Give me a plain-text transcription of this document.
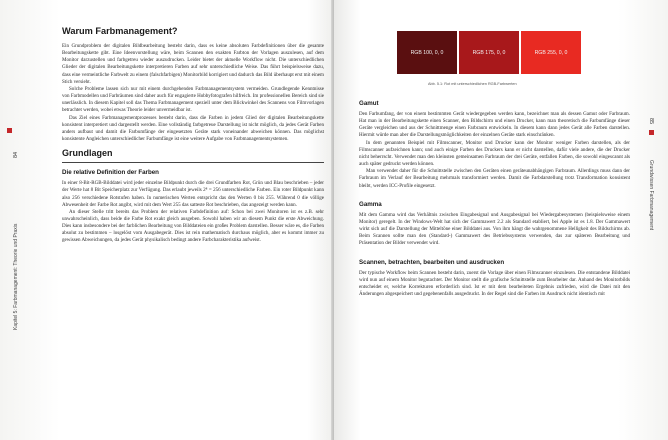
84
Kapitel 5: Farbmanagement: Theorie und Praxis
Warum Farbmanagement?

Ein Grundproblem der digitalen Bildbearbeitung besteht darin, dass es keine absoluten Farbdefinitionen über die gesamte Bearbeitungskette gibt. Eine Ideenvorstellung wäre, beim Scannen den exakten Farbton der Vorlagen auszulesen, auf dem Monitor darzustellen und farbgetreu wieder auszudrucken. Leider bietet der aktuelle Workflow nicht. Die unterschiedlichen Glieder der digitalen Bearbeitungskette interpretieren Farben auf sehr unterschiedliche Weise. Das führt beispielsweise dazu, dass eine vermeintliche Farbwelt zu einem (falschfarbigen) Monitorbild korrigiert und dadurch das Bild überhaupt erst mit einem Stich versieht.

Solche Probleme lassen sich nur mit einem durchgehenden Farbmanagementsystem vermeiden. Grundlegende Kenntnisse von Farbmodellen und Farbräumen sind daher auch für engagierte Hobbyfotografen hilfreich. Im professionellen Bereich sind sie unerlässlich. In diesem Kapitel soll das Thema Farbmanagement speziell unter dem Blickwinkel des Scannens von Filmvorlagen betrachtet werden, wobei etwas Theorie leider unvermeidbar ist.

Das Ziel eines Farbmanagementprozesses besteht darin, dass die Farben in jedem Glied der digitalen Bearbeitungskette konsistent interpretiert und dargestellt werden. Eine vollständig farbgetreue Darstellung ist nicht möglich, da jedes Gerät Farben anders aufbaut und damit die Farbumfänge der eingesetzten Geräte stark voneinander abweichen können. Das möglichst konsistente Angleichen unterschiedlicher Farbumfänge ist eine weitere Aufgabe von Farbmanagementsystemen.

Grundlagen
Die relative Definition der Farben

In einer 8-Bit-RGB-Bilddatei wird jeder einzelne Bildpunkt durch die drei Grundfarben Rot, Grün und Blau beschrieben – jeder der Werte hat 8 Bit Speicherplatz zur Verfügung. Das erlaubt jeweils 2⁸ = 256 unterschiedliche Farben. Ein roter Bildpunkt kann also 256 verschiedene Rotstufen haben. In numerischen Werten entspricht das den Werten 0 bis 255. Während 0 die völlige Abwesenheit der Farbe Rot angibt, wird mit dem Wert 255 das satteste Rot beschrieben, das angezeigt werden kann.

An dieser Stelle tritt bereits das Problem der relativen Farbdefinition auf: Schon bei zwei Monitoren ist es z.B. sehr unwahrscheinlich, dass beide die Farbe Rot exakt gleich ausgeben. Sowohl haben wir an diesem Punkt die erste Abweichung. Dies kann insbesondere bei der farblichen Bearbeitung von Bilddateien ein großes Problem darstellen. Besser wäre es, die Farben absolut zu bestimmen – losgelöst vom Ausgabegerät. Dies ist rein mathematisch durchaus möglich, aber es kommt immer zu gewissen Abweichungen, da jedes Gerät physikalisch bedingt andere Farbcharakteristika aufweist.

RGB 100, 0, 0	RGB 175, 0, 0	RGB 255, 0, 0
Abb. 5.1: Rot mit unterschiedlichen RGB-Farbwerten
Gamut

Den Farbumfang, der von einem bestimmten Gerät wiedergegeben werden kann, bezeichnet man als dessen Gamut oder Farbraum. Hat man in der Bearbeitungskette einen Scanner, den Bildschirm und einen Drucker, kann man theoretisch die Farbumfänge dieser Geräte vergleichen und aus der Schnittmenge einen Farbraum entwickeln. In diesem kann dann jedes Gerät alle Farben darstellen. Hiermit würde man aber die Darstellungsmöglichkeiten der einzelnen Geräte stark einschränken.

In dem genannten Beispiel mit Filmscanner, Monitor und Drucker kann der Monitor weniger Farben darstellen, als der Filmscanner aufzeichnen kann; und auch einige Farben des Druckers kann er nicht darstellen, dafür viele andere, die der Drucker nicht beherrscht. Verwendet man den kleinsten gemeinsamen Farbraum der drei Geräte, entfallen Farben, die sowohl eingescannt als auch später gedruckt werden können.

Man verwendet daher für die Schnittstelle zwischen den Geräten einen geräteunabhängigen Farbraum. Allerdings muss dann der Farbraum im Verlauf der Bearbeitung mehrmals transformiert werden. Damit die Farbdarstellung trotz Transformation konsistent bleibt, werden ICC-Profile eingesetzt.

Gamma

Mit dem Gamma wird das Verhältnis zwischen Eingabesignal und Ausgabesignal bei Wiedergabesystemen (beispielsweise einem Monitor) geregelt. In der Windows-Welt hat sich der Gammawert 2.2 als Standard etabliert, bei Apple ist es 1.8. Der Gammawert wirkt sich auf die Darstellung der Mitteltöne einer Bilddatei aus. Von ihm hängt die wahrgenommene Helligkeit des Bildschirms ab. Beim Scannen sollte man den (Standard-) Gammawert des Betriebssystems verwenden, das zur späteren Bearbeitung und Präsentation der Bilder verwendet wird.

Scannen, betrachten, bearbeiten und ausdrucken

Der typische Workflow beim Scannen besteht darin, zuerst die Vorlage über einen Filmscanner einzulesen. Die entstandene Bilddatei wird nun auf einem Monitor begutachtet. Der Monitor stellt die grafische Schnittstelle zum Bearbeiter dar. Anhand des Monitorbilds entscheidet er, welche Korrekturen erforderlich sind. Ist er mit dem bearbeiteten Ergebnis zufrieden, wird die Datei mit den Änderungen abgespeichert und gegebenenfalls ausgedruckt. In der Regel sind die Farben im Ausdruck nicht identisch mit

85
Grundwissen Farbmanagement
